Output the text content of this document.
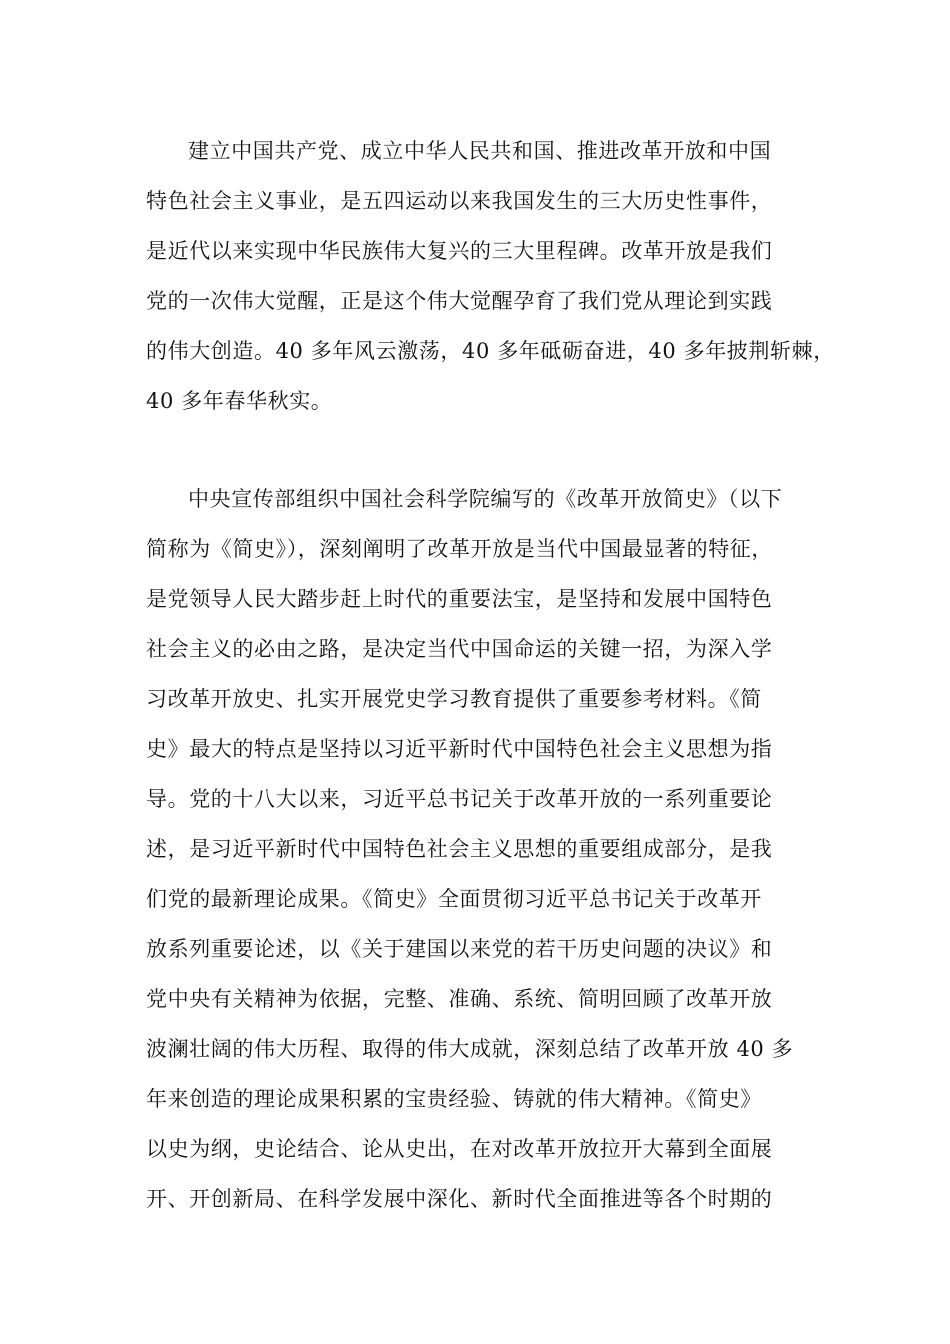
建立中国共产党、成立中华人民共和国、推进改革开放和中国
特色社会主义事业，是五四运动以来我国发生的三大历史性事件，
是近代以来实现中华民族伟大复兴的三大里程碑。改革开放是我们
党的一次伟大觉醒，正是这个伟大觉醒孕育了我们党从理论到实践
的伟大创造。40 多年风云激荡，40 多年砥砺奋进，40 多年披荆斩棘，
40 多年春华秋实。
中央宣传部组织中国社会科学院编写的《改革开放简史》（以下
简称为《简史》），深刻阐明了改革开放是当代中国最显著的特征，
是党领导人民大踏步赶上时代的重要法宝，是坚持和发展中国特色
社会主义的必由之路，是决定当代中国命运的关键一招，为深入学
习改革开放史、扎实开展党史学习教育提供了重要参考材料。《简
史》最大的特点是坚持以习近平新时代中国特色社会主义思想为指
导。党的十八大以来，习近平总书记关于改革开放的一系列重要论
述，是习近平新时代中国特色社会主义思想的重要组成部分，是我
们党的最新理论成果。《简史》全面贯彻习近平总书记关于改革开
放系列重要论述，以《关于建国以来党的若干历史问题的决议》和
党中央有关精神为依据，完整、准确、系统、简明回顾了改革开放
波澜壮阔的伟大历程、取得的伟大成就，深刻总结了改革开放 40 多
年来创造的理论成果积累的宝贵经验、铸就的伟大精神。《简史》
以史为纲，史论结合、论从史出，在对改革开放拉开大幕到全面展
开、开创新局、在科学发展中深化、新时代全面推进等各个时期的
